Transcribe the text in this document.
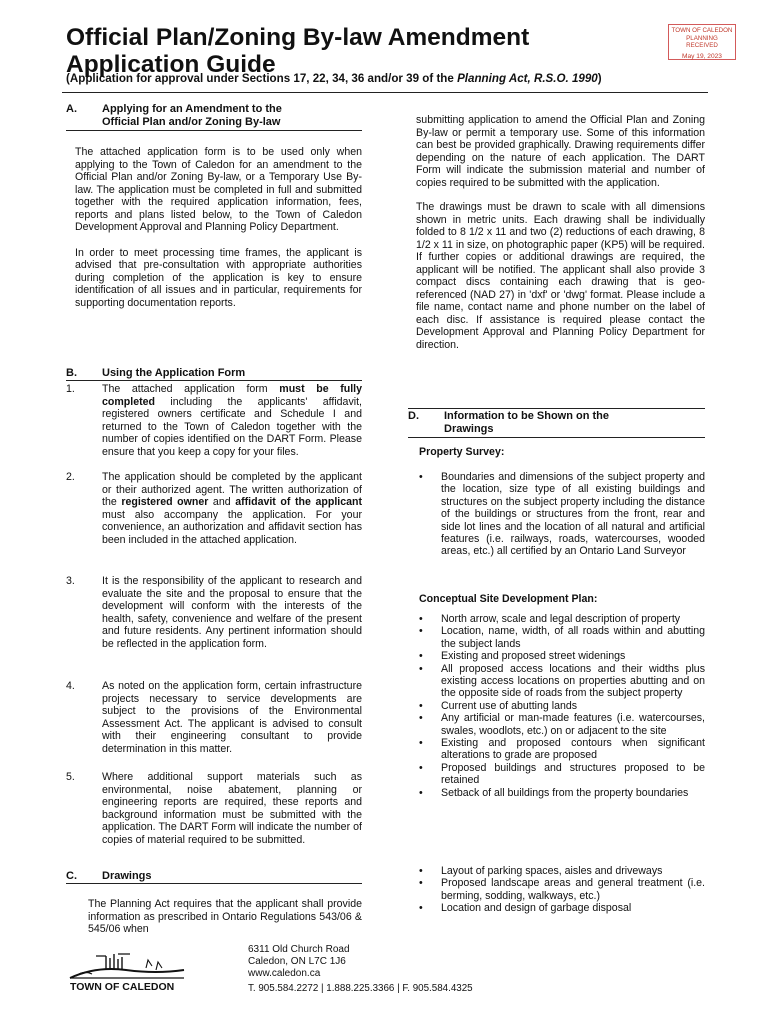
Official Plan/Zoning By-law Amendment
Application Guide
TOWN OF CALEDON
PLANNING
RECEIVED
May 19, 2023
(Application for approval under Sections 17, 22, 34, 36 and/or 39 of the Planning Act, R.S.O. 1990)
A. Applying for an Amendment to the
Official Plan and/or Zoning By-law

The attached application form is to be used only when applying to the Town of Caledon for an amendment to the Official Plan and/or Zoning By-law, or a Temporary Use By-law. The application must be completed in full and submitted together with the required application information, fees, reports and plans listed below, to the Town of Caledon Development Approval and Planning Policy Department.

In order to meet processing time frames, the applicant is advised that pre-consultation with appropriate authorities during completion of the application is key to ensure identification of all issues and in particular, requirements for supporting documentation reports.

B. Using the Application Form
1.	The attached application form must be fully completed including the applicants' affidavit, registered owners certificate and Schedule I and returned to the Town of Caledon together with the number of copies identified on the DART Form. Please ensure that you keep a copy for your files.
2.	The application should be completed by the applicant or their authorized agent. The written authorization of the registered owner and affidavit of the applicant must also accompany the application. For your convenience, an authorization and affidavit section has been included in the attached application.
3.	It is the responsibility of the applicant to research and evaluate the site and the proposal to ensure that the development will conform with the interests of the health, safety, convenience and welfare of the present and future residents. Any pertinent information should be reflected in the application form.
4.	As noted on the application form, certain infrastructure projects necessary to service developments are subject to the provisions of the Environmental Assessment Act. The applicant is advised to consult with their engineering consultant to provide determination in this matter.
5.	Where additional support materials such as environmental, noise abatement, planning or engineering reports are required, these reports and background information must be submitted with the application. The DART Form will indicate the number of copies of material required to be submitted.
C. Drawings

The Planning Act requires that the applicant shall provide information as prescribed in Ontario Regulations 543/06 & 545/06 when

submitting application to amend the Official Plan and Zoning By-law or permit a temporary use. Some of this information can best be provided graphically. Drawing requirements differ depending on the nature of each application. The DART Form will indicate the submission material and number of copies required to be submitted with the application.

The drawings must be drawn to scale with all dimensions shown in metric units. Each drawing shall be individually folded to 8 1/2 x 11 and two (2) reductions of each drawing, 8 1/2 x 11 in size, on photographic paper (KP5) will be required. If further copies or additional drawings are required, the applicant will be notified. The applicant shall also provide 3 compact discs containing each drawing that is geo-referenced (NAD 27) in 'dxf' or 'dwg' format. Please include a file name, contact name and phone number on the label of each disc. If assistance is required please contact the Development Approval and Planning Policy Department for direction.

D. Information to be Shown on the
Drawings
Property Survey:
• Boundaries and dimensions of the subject property and the location, size type of all existing buildings and structures on the subject property including the distance of the buildings or structures from the front, rear and side lot lines and the location of all natural and artificial features (i.e. railways, roads, watercourses, wooded areas, etc.) all certified by an Ontario Land Surveyor
Conceptual Site Development Plan:
• North arrow, scale and legal description of property
• Location, name, width, of all roads within and abutting the subject lands
• Existing and proposed street widenings
• All proposed access locations and their widths plus existing access locations on properties abutting and on the opposite side of roads from the subject property
• Current use of abutting lands
• Any artificial or man-made features (i.e. watercourses, swales, woodlots, etc.) on or adjacent to the site
• Existing and proposed contours when significant alterations to grade are proposed
• Proposed buildings and structures proposed to be retained
• Setback of all buildings from the property boundaries
• Layout of parking spaces, aisles and driveways
• Proposed landscape areas and general treatment (i.e. berming, sodding, walkways, etc.)
• Location and design of garbage disposal
TOWN OF CALEDON
6311 Old Church Road
Caledon, ON L7C 1J6
www.caledon.ca
T. 905.584.2272 | 1.888.225.3366 | F. 905.584.4325
